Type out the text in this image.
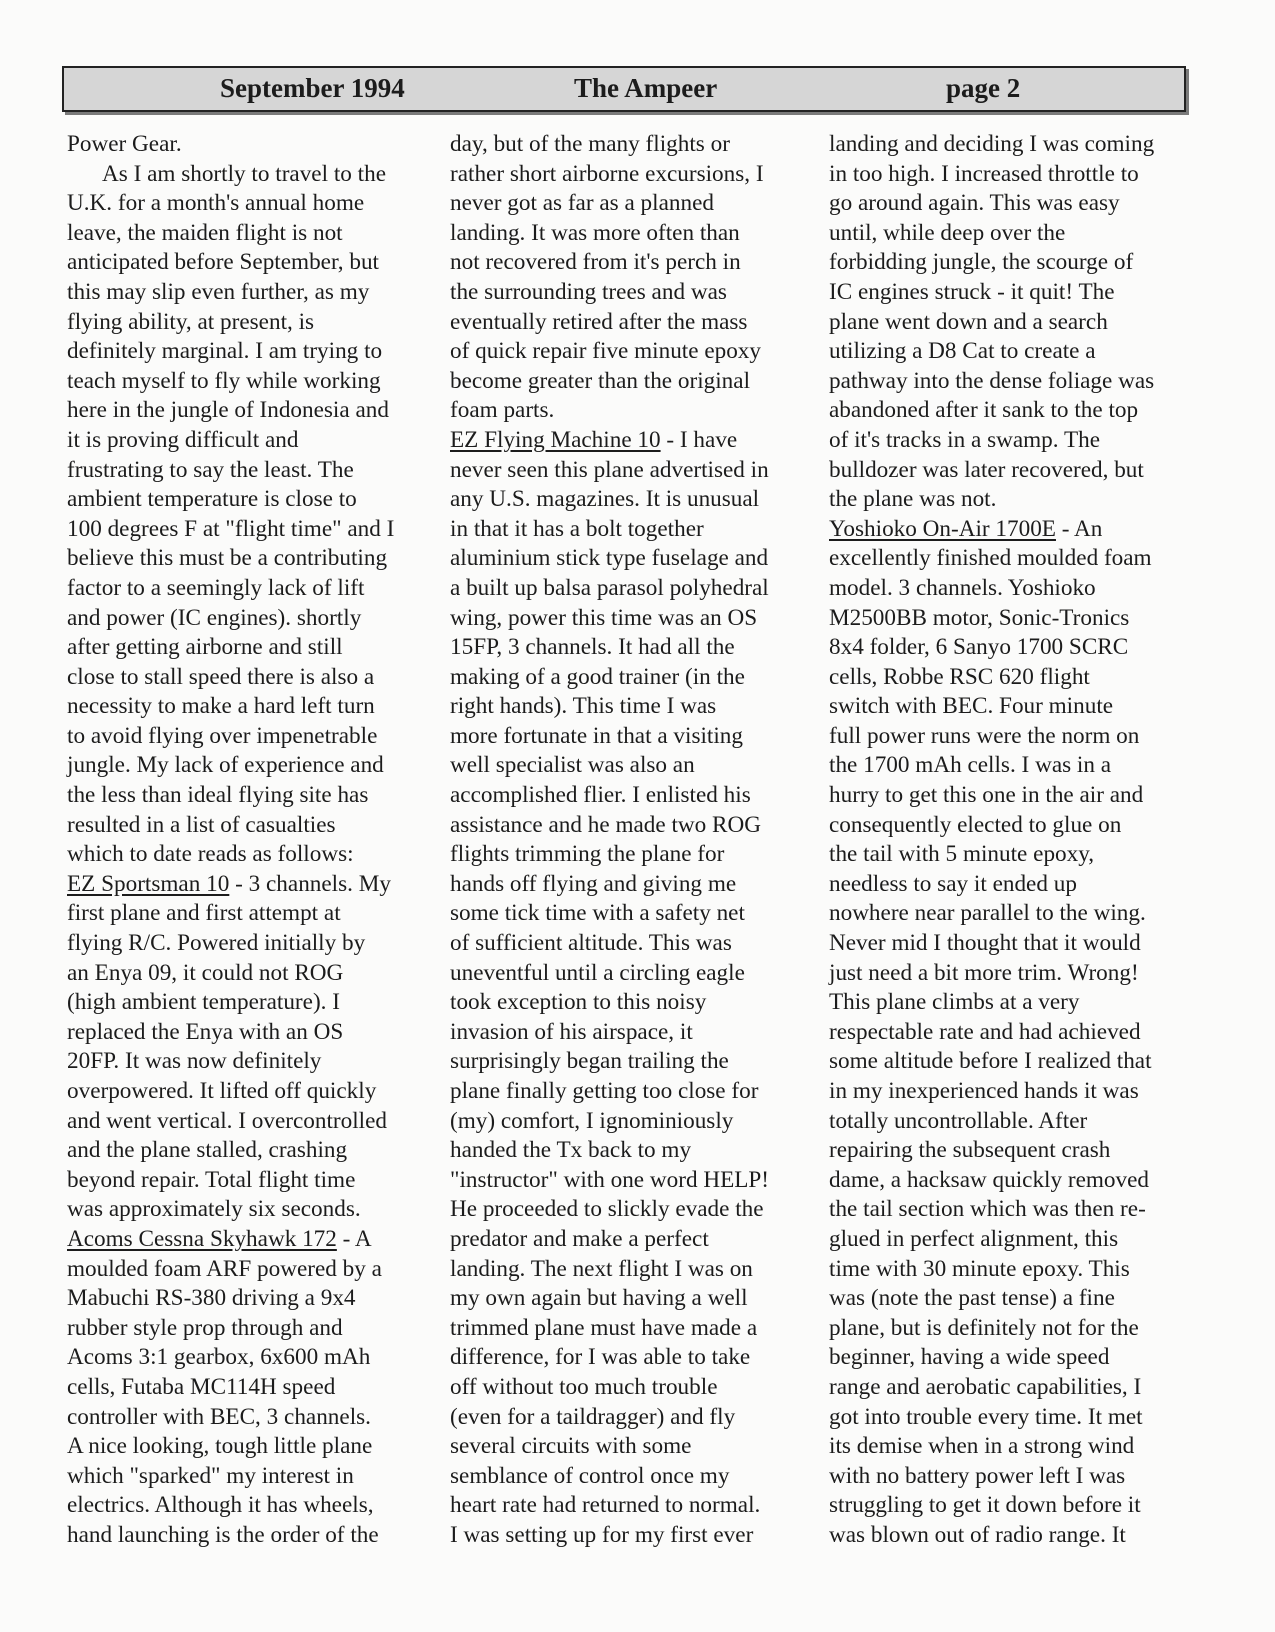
September 1994	The Ampeer	page 2

Power Gear.

As I am shortly to travel to the

U.K. for a month's annual home

leave, the maiden flight is not

anticipated before September, but

this may slip even further, as my

flying ability, at present, is

definitely marginal. I am trying to

teach myself to fly while working

here in the jungle of Indonesia and

it is proving difficult and

frustrating to say the least. The

ambient temperature is close to

100 degrees F at "flight time" and I

believe this must be a contributing

factor to a seemingly lack of lift

and power (IC engines). shortly

after getting airborne and still

close to stall speed there is also a

necessity to make a hard left turn

to avoid flying over impenetrable

jungle. My lack of experience and

the less than ideal flying site has

resulted in a list of casualties

which to date reads as follows:

EZ Sportsman 10 - 3 channels. My

first plane and first attempt at

flying R/C. Powered initially by

an Enya 09, it could not ROG

(high ambient temperature). I

replaced the Enya with an OS

20FP. It was now definitely

overpowered. It lifted off quickly

and went vertical. I overcontrolled

and the plane stalled, crashing

beyond repair. Total flight time

was approximately six seconds.

Acoms Cessna Skyhawk 172 - A

moulded foam ARF powered by a

Mabuchi RS-380 driving a 9x4

rubber style prop through and

Acoms 3:1 gearbox, 6x600 mAh

cells, Futaba MC114H speed

controller with BEC, 3 channels.

A nice looking, tough little plane

which "sparked" my interest in

electrics. Although it has wheels,

hand launching is the order of the

day, but of the many flights or

rather short airborne excursions, I

never got as far as a planned

landing. It was more often than

not recovered from it's perch in

the surrounding trees and was

eventually retired after the mass

of quick repair five minute epoxy

become greater than the original

foam parts.

EZ Flying Machine 10 - I have

never seen this plane advertised in

any U.S. magazines. It is unusual

in that it has a bolt together

aluminium stick type fuselage and

a built up balsa parasol polyhedral

wing, power this time was an OS

15FP, 3 channels. It had all the

making of a good trainer (in the

right hands). This time I was

more fortunate in that a visiting

well specialist was also an

accomplished flier. I enlisted his

assistance and he made two ROG

flights trimming the plane for

hands off flying and giving me

some tick time with a safety net

of sufficient altitude. This was

uneventful until a circling eagle

took exception to this noisy

invasion of his airspace, it

surprisingly began trailing the

plane finally getting too close for

(my) comfort, I ignominiously

handed the Tx back to my

"instructor" with one word HELP!

He proceeded to slickly evade the

predator and make a perfect

landing. The next flight I was on

my own again but having a well

trimmed plane must have made a

difference, for I was able to take

off without too much trouble

(even for a taildragger) and fly

several circuits with some

semblance of control once my

heart rate had returned to normal.

I was setting up for my first ever

landing and deciding I was coming

in too high. I increased throttle to

go around again. This was easy

until, while deep over the

forbidding jungle, the scourge of

IC engines struck - it quit! The

plane went down and a search

utilizing a D8 Cat to create a

pathway into the dense foliage was

abandoned after it sank to the top

of it's tracks in a swamp. The

bulldozer was later recovered, but

the plane was not.

Yoshioko On-Air 1700E - An

excellently finished moulded foam

model. 3 channels. Yoshioko

M2500BB motor, Sonic-Tronics

8x4 folder, 6 Sanyo 1700 SCRC

cells, Robbe RSC 620 flight

switch with BEC. Four minute

full power runs were the norm on

the 1700 mAh cells. I was in a

hurry to get this one in the air and

consequently elected to glue on

the tail with 5 minute epoxy,

needless to say it ended up

nowhere near parallel to the wing.

Never mid I thought that it would

just need a bit more trim. Wrong!

This plane climbs at a very

respectable rate and had achieved

some altitude before I realized that

in my inexperienced hands it was

totally uncontrollable. After

repairing the subsequent crash

dame, a hacksaw quickly removed

the tail section which was then re-

glued in perfect alignment, this

time with 30 minute epoxy. This

was (note the past tense) a fine

plane, but is definitely not for the

beginner, having a wide speed

range and aerobatic capabilities, I

got into trouble every time. It met

its demise when in a strong wind

with no battery power left I was

struggling to get it down before it

was blown out of radio range. It
